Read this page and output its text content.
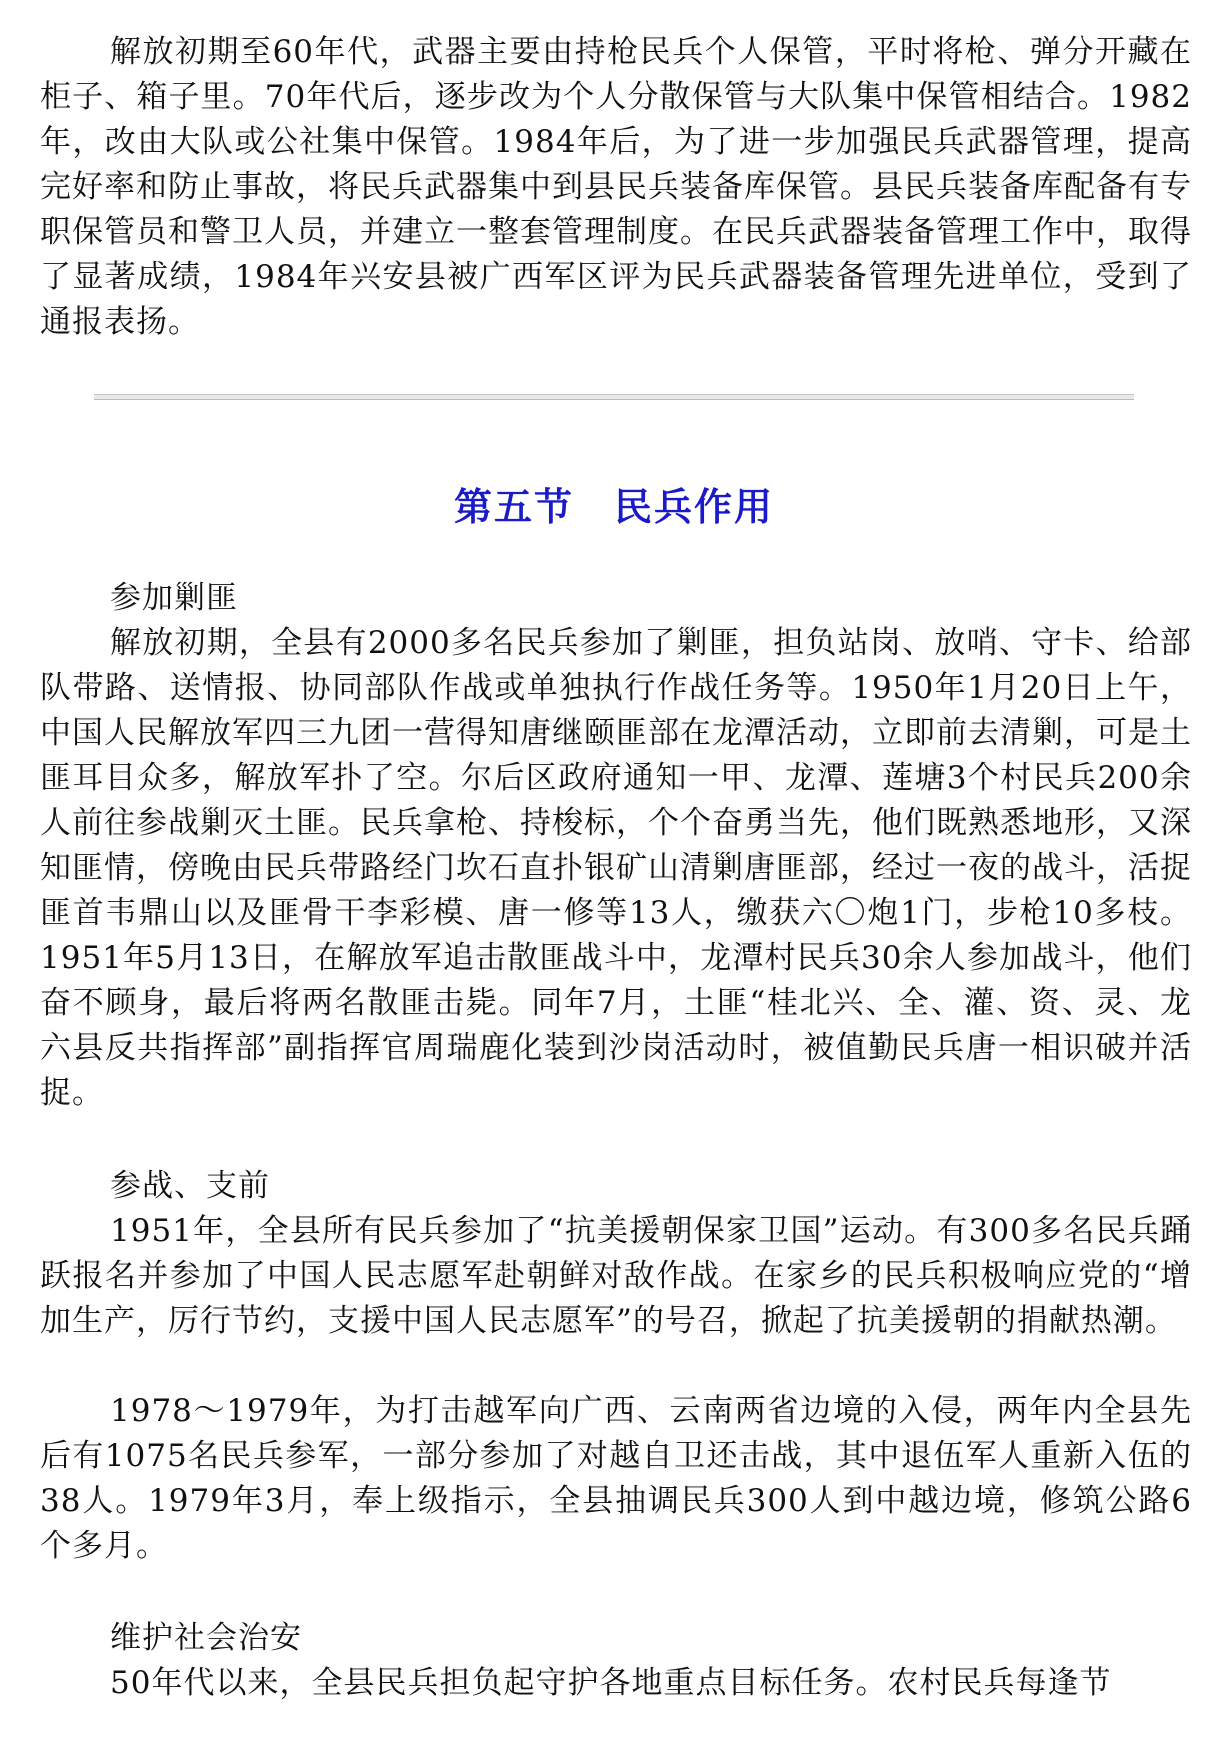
解放初期至60年代，武器主要由持枪民兵个人保管，平时将枪、弹分开藏在柜子、箱子里。70年代后，逐步改为个人分散保管与大队集中保管相结合。1982年，改由大队或公社集中保管。1984年后，为了进一步加强民兵武器管理，提高完好率和防止事故，将民兵武器集中到县民兵装备库保管。县民兵装备库配备有专职保管员和警卫人员，并建立一整套管理制度。在民兵武器装备管理工作中，取得了显著成绩，1984年兴安县被广西军区评为民兵武器装备管理先进单位，受到了通报表扬。

第五节　民兵作用
参加剿匪

解放初期，全县有2000多名民兵参加了剿匪，担负站岗、放哨、守卡、给部队带路、送情报、协同部队作战或单独执行作战任务等。1950年1月20日上午，中国人民解放军四三九团一营得知唐继颐匪部在龙潭活动，立即前去清剿，可是土匪耳目众多，解放军扑了空。尔后区政府通知一甲、龙潭、莲塘3个村民兵200余人前往参战剿灭土匪。民兵拿枪、持梭标，个个奋勇当先，他们既熟悉地形，又深知匪情，傍晚由民兵带路经门坎石直扑银矿山清剿唐匪部，经过一夜的战斗，活捉匪首韦鼎山以及匪骨干李彩模、唐一修等13人，缴获六〇炮1门，步枪10多枝。1951年5月13日，在解放军追击散匪战斗中，龙潭村民兵30余人参加战斗，他们奋不顾身，最后将两名散匪击毙。同年7月，土匪“桂北兴、全、灌、资、灵、龙六县反共指挥部”副指挥官周瑞鹿化装到沙岗活动时，被值勤民兵唐一相识破并活捉。

参战、支前

1951年，全县所有民兵参加了“抗美援朝保家卫国”运动。有300多名民兵踊跃报名并参加了中国人民志愿军赴朝鲜对敌作战。在家乡的民兵积极响应党的“增加生产，厉行节约，支援中国人民志愿军”的号召，掀起了抗美援朝的捐献热潮。

1978～1979年，为打击越军向广西、云南两省边境的入侵，两年内全县先后有1075名民兵参军，一部分参加了对越自卫还击战，其中退伍军人重新入伍的38人。1979年3月，奉上级指示，全县抽调民兵300人到中越边境，修筑公路6个多月。

维护社会治安

50年代以来，全县民兵担负起守护各地重点目标任务。农村民兵每逢节
